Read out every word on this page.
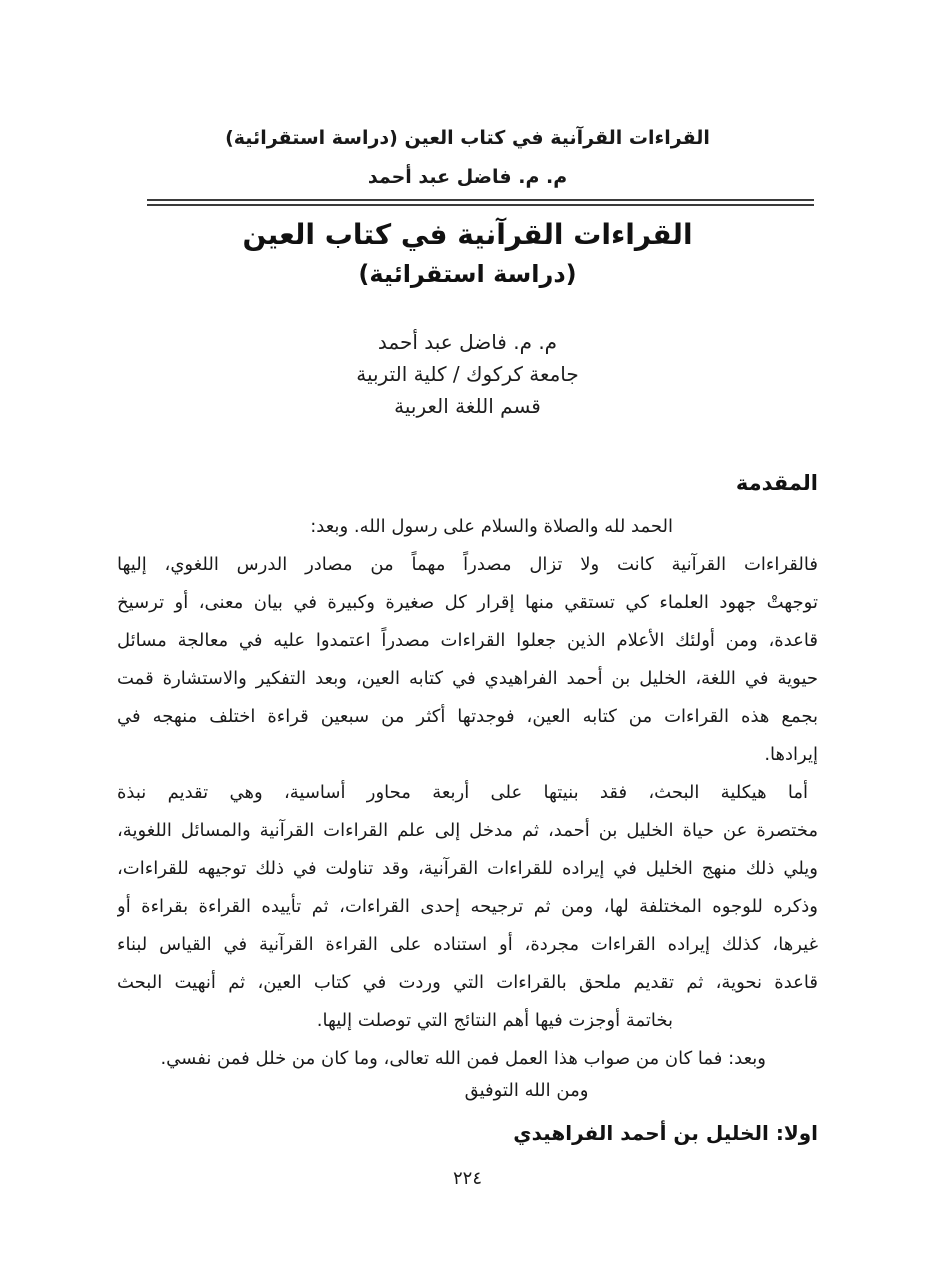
القراءات القرآنية في كتاب العين (دراسة استقرائية)
م. م. فاضل عبد أحمد
القراءات القرآنية في كتاب العين
(دراسة استقرائية)
م. م. فاضل عبد أحمد
جامعة كركوك / كلية التربية
قسم اللغة العربية
المقدمة
الحمد لله والصلاة والسلام على رسول الله. وبعد:
فالقراءات القرآنية كانت ولا تزال مصدراً مهماً من مصادر الدرس اللغوي، إليها
توجهتْ جهود العلماء كي تستقي منها إقرار كل صغيرة وكبيرة في بيان معنى، أو ترسيخ
قاعدة، ومن أولئك الأعلام الذين جعلوا القراءات مصدراً اعتمدوا عليه في معالجة مسائل
حيوية في اللغة، الخليل بن أحمد الفراهيدي في كتابه العين، وبعد التفكير والاستشارة قمت
بجمع هذه القراءات من كتابه العين، فوجدتها أكثر من سبعين قراءة اختلف منهجه في
إيرادها.
أما هيكلية البحث، فقد بنيتها على أربعة محاور أساسية، وهي تقديم نبذة
مختصرة عن حياة الخليل بن أحمد، ثم مدخل إلى علم القراءات القرآنية والمسائل اللغوية،
ويلي ذلك منهج الخليل في إيراده للقراءات القرآنية، وقد تناولت في ذلك توجيهه للقراءات،
وذكره للوجوه المختلفة لها، ومن ثم ترجيحه إحدى القراءات، ثم تأييده القراءة بقراءة أو
غيرها، كذلك إيراده القراءات مجردة، أو استناده على القراءة القرآنية في القياس لبناء
قاعدة نحوية، ثم تقديم ملحق بالقراءات التي وردت في كتاب العين، ثم أنهيت البحث
بخاتمة أوجزت فيها أهم النتائج التي توصلت إليها.
وبعد: فما كان من صواب هذا العمل فمن الله تعالى، وما كان من خلل فمن نفسي.
ومن الله التوفيق
اولا: الخليل بن أحمد الفراهيدي
٢٢٤
